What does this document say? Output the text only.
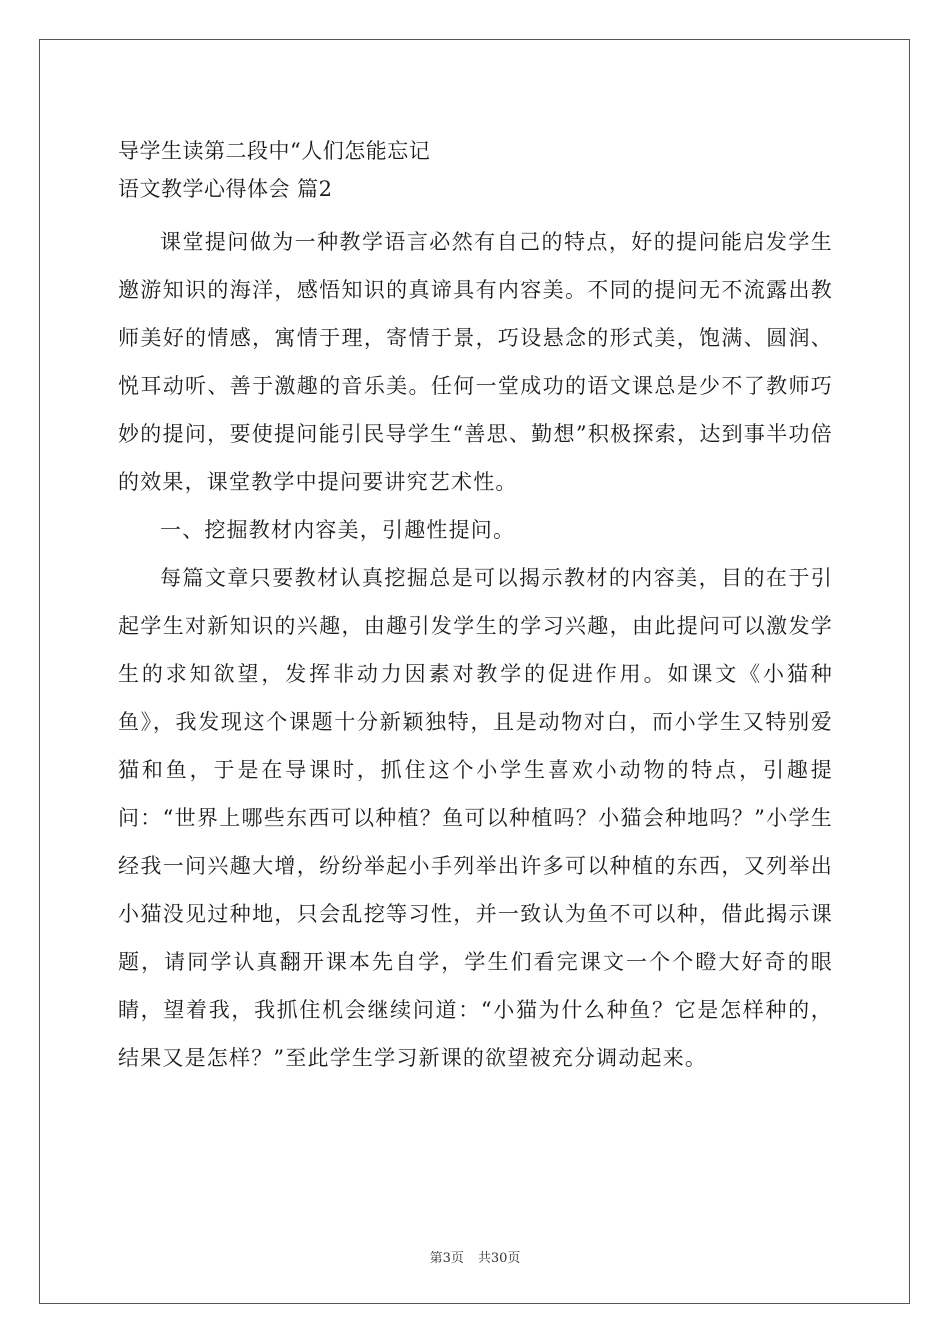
导学生读第二段中“人们怎能忘记
语文教学心得体会 篇2

课堂提问做为一种教学语言必然有自己的特点，好的提问能启发学生邀游知识的海洋，感悟知识的真谛具有内容美。不同的提问无不流露出教师美好的情感，寓情于理，寄情于景，巧设悬念的形式美，饱满、圆润、悦耳动听、善于激趣的音乐美。任何一堂成功的语文课总是少不了教师巧妙的提问，要使提问能引民导学生“善思、勤想”积极探索，达到事半功倍的效果，课堂教学中提问要讲究艺术性。

一、挖掘教材内容美，引趣性提问。

每篇文章只要教材认真挖掘总是可以揭示教材的内容美，目的在于引起学生对新知识的兴趣，由趣引发学生的学习兴趣，由此提问可以激发学生的求知欲望，发挥非动力因素对教学的促进作用。如课文《小猫种鱼》，我发现这个课题十分新颖独特，且是动物对白，而小学生又特别爱猫和鱼，于是在导课时，抓住这个小学生喜欢小动物的特点，引趣提问：“世界上哪些东西可以种植？鱼可以种植吗？小猫会种地吗？”小学生经我一问兴趣大增，纷纷举起小手列举出许多可以种植的东西，又列举出小猫没见过种地，只会乱挖等习性，并一致认为鱼不可以种，借此揭示课题，请同学认真翻开课本先自学，学生们看完课文一个个瞪大好奇的眼睛，望着我，我抓住机会继续问道：“小猫为什么种鱼？它是怎样种的，结果又是怎样？”至此学生学习新课的欲望被充分调动起来。

第3页 共30页
